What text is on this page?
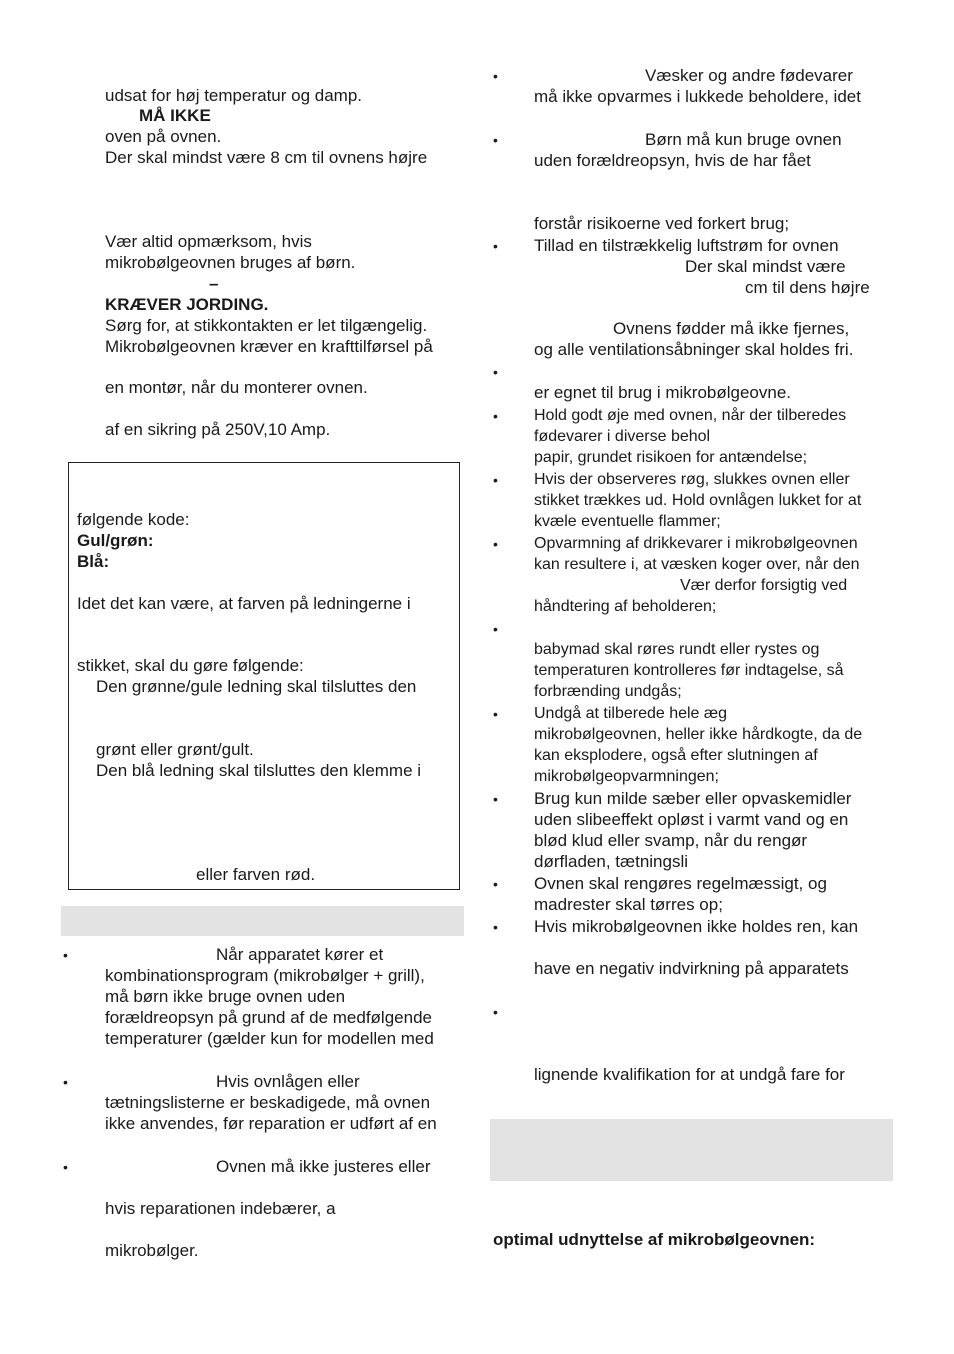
udsat for høj temperatur og damp.
MÅ IKKE
oven på ovnen.
Der skal mindst være 8 cm til ovnens højre
Vær altid opmærksom, hvis
mikrobølgeovnen bruges af børn.
–
KRÆVER JORDING.
Sørg for, at stikkontakten er let tilgængelig.
Mikrobølgeovnen kræver en krafttilførsel på
en montør, når du monterer ovnen.
af en sikring på 250V,10 Amp.
følgende kode:
Gul/grøn:
Blå:
Idet det kan være, at farven på ledningerne i
stikket, skal du gøre følgende:
Den grønne/gule ledning skal tilsluttes den
grønt eller grønt/gult.
Den blå ledning skal tilsluttes den klemme i
eller farven rød.
•	Når apparatet kører et
kombinationsprogram (mikrobølger + grill),
må børn ikke bruge ovnen uden
forældreopsyn på grund af de medfølgende
temperaturer (gælder kun for modellen med
•	Hvis ovnlågen eller
tætningslisterne er beskadigede, må ovnen
ikke anvendes, før reparation er udført af en
•	Ovnen må ikke justeres eller
hvis reparationen indebærer, a
mikrobølger.
•	Væsker og andre fødevarer
må ikke opvarmes i lukkede beholdere, idet
•	Børn må kun bruge ovnen
uden forældreopsyn, hvis de har fået
forstår risikoerne ved forkert brug;
• Tillad en tilstrækkelig luftstrøm for ovnen
Der skal mindst være
cm til dens højre
Ovnens fødder må ikke fjernes,
og alle ventilationsåbninger skal holdes fri.
•
er egnet til brug i mikrobølgeovne.
• Hold godt øje med ovnen, når der tilberedes
fødevarer i diverse behol
papir, grundet risikoen for antændelse;
• Hvis der observeres røg, slukkes ovnen eller
stikket trækkes ud. Hold ovnlågen lukket for at
kvæle eventuelle flammer;
• Opvarmning af drikkevarer i mikrobølgeovnen
kan resultere i, at væsken koger over, når den
Vær derfor forsigtig ved
håndtering af beholderen;
•
babymad skal røres rundt eller rystes og
temperaturen kontrolleres før indtagelse, så
forbrænding undgås;
• Undgå at tilberede hele æg
mikrobølgeovnen, heller ikke hårdkogte, da de
kan eksplodere, også efter slutningen af
mikrobølgeopvarmningen;
• Brug kun milde sæber eller opvaskemidler
uden slibeeffekt opløst i varmt vand og en
blød klud eller svamp, når du rengør
dørfladen, tætningsli
• Ovnen skal rengøres regelmæssigt, og
madrester skal tørres op;
• Hvis mikrobølgeovnen ikke holdes ren, kan
have en negativ indvirkning på apparatets
•
lignende kvalifikation for at undgå fare for
optimal udnyttelse af mikrobølgeovnen:
